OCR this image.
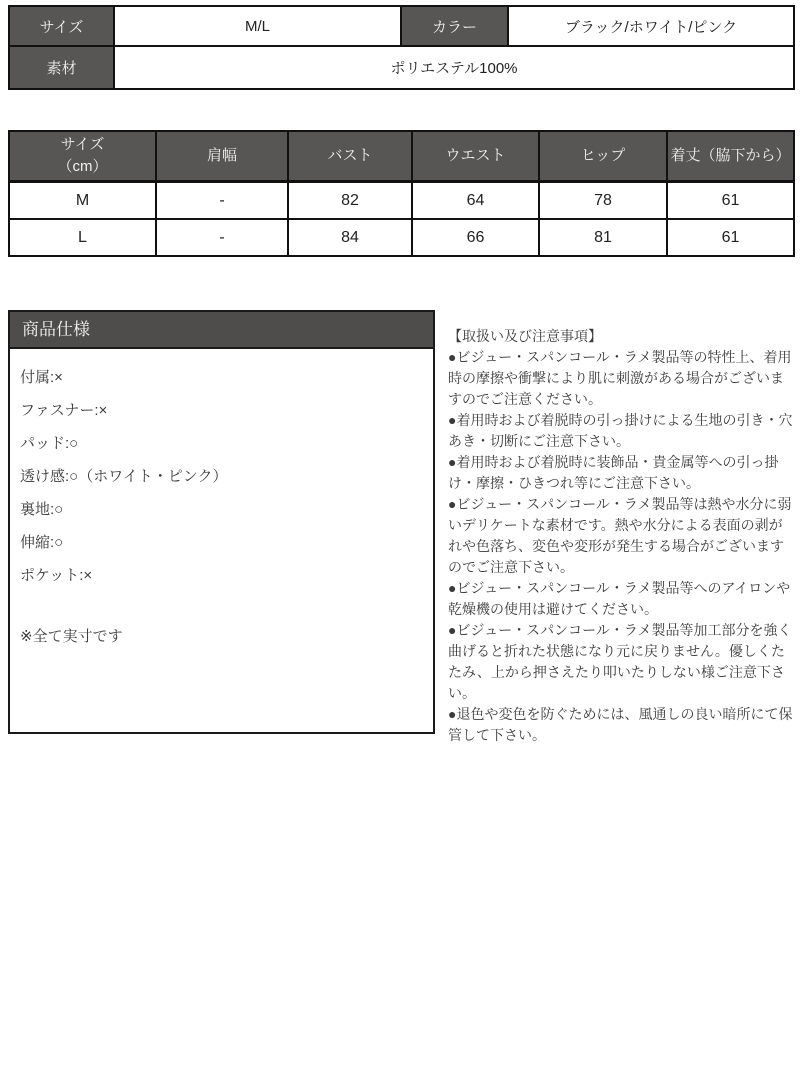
サイズ	M/L	カラー	ブラック/ホワイト/ピンク
素材	ポリエステル100%		
サイズ
（cm）	肩幅	バスト	ウエスト	ヒップ	着丈（脇下から）
M	-	82	64	78	61
L	-	84	66	81	61
商品仕様

付属:×

ファスナー:×

パッド:○

透け感:○（ホワイト・ピンク）

裏地:○

伸縮:○

ポケット:×

※全て実寸です

【取扱い及び注意事項】

●ビジュー・スパンコール・ラメ製品等の特性上、着用時の摩擦や衝撃により肌に刺激がある場合がございますのでご注意ください。

●着用時および着脱時の引っ掛けによる生地の引き・穴あき・切断にご注意下さい。

●着用時および着脱時に装飾品・貴金属等への引っ掛け・摩擦・ひきつれ等にご注意下さい。

●ビジュー・スパンコール・ラメ製品等は熱や水分に弱いデリケートな素材です。熱や水分による表面の剥がれや色落ち、変色や変形が発生する場合がございますのでご注意下さい。

●ビジュー・スパンコール・ラメ製品等へのアイロンや乾燥機の使用は避けてください。

●ビジュー・スパンコール・ラメ製品等加工部分を強く曲げると折れた状態になり元に戻りません。優しくたたみ、上から押さえたり叩いたりしない様ご注意下さい。

●退色や変色を防ぐためには、風通しの良い暗所にて保管して下さい。
